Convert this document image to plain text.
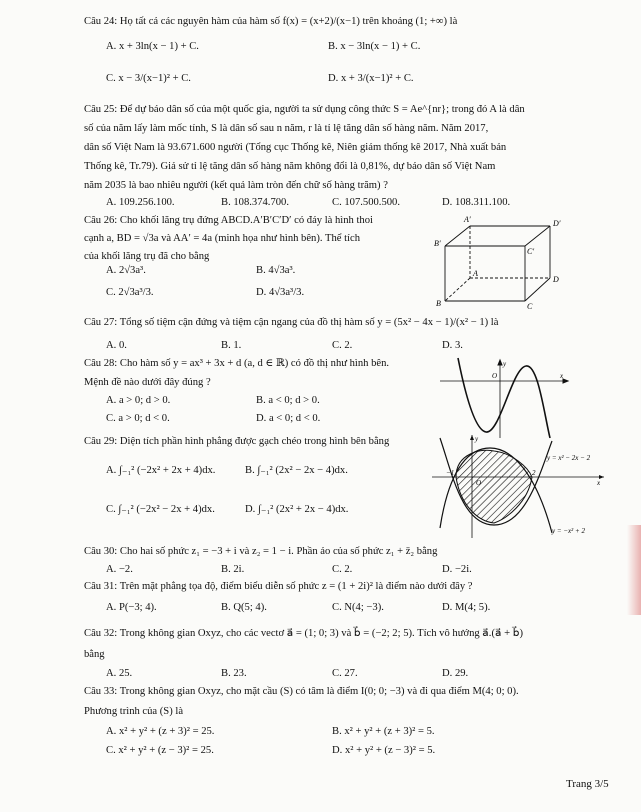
Câu 24: Họ tất cả các nguyên hàm của hàm số f(x) = (x+2)/(x−1) trên khoảng (1; +∞) là
A. x + 3ln(x − 1) + C.	B. x − 3ln(x − 1) + C.
C. x − 3/(x−1)² + C.	D. x + 3/(x−1)² + C.
Câu 25: Để dự báo dân số của một quốc gia, người ta sử dụng công thức S = Ae^{nr}; trong đó A là dân
số của năm lấy làm mốc tính, S là dân số sau n năm, r là tỉ lệ tăng dân số hàng năm. Năm 2017,
dân số Việt Nam là 93.671.600 người (Tổng cục Thống kê, Niên giám thống kê 2017, Nhà xuất bản
Thống kê, Tr.79). Giả sử tỉ lệ tăng dân số hàng năm không đổi là 0,81%, dự báo dân số Việt Nam
năm 2035 là bao nhiêu người (kết quả làm tròn đến chữ số hàng trăm) ?
A. 109.256.100.	B. 108.374.700.	C. 107.500.500.	D. 108.311.100.
Câu 26: Cho khối lăng trụ đứng ABCD.A′B′C′D′ có đáy là hình thoi
cạnh a, BD = √3a và AA′ = 4a (minh họa như hình bên). Thể tích
của khối lăng trụ đã cho bằng
A. 2√3a³.	B. 4√3a³.
C. 2√3a³/3.	D. 4√3a³/3.
A′
B′
C′
D′
A
B	C
D
Câu 27: Tổng số tiệm cận đứng và tiệm cận ngang của đồ thị hàm số y = (5x² − 4x − 1)/(x² − 1) là
A. 0.	B. 1.	C. 2.	D. 3.
Câu 28: Cho hàm số y = ax³ + 3x + d (a, d ∈ ℝ) có đồ thị như hình bên.
Mệnh đề nào dưới đây đúng ?
A. a > 0; d > 0.	B. a < 0; d > 0.
C. a > 0; d < 0.	D. a < 0; d < 0.
y
O	x
Câu 29: Diện tích phần hình phẳng được gạch chéo trong hình bên bằng
A. ∫₋₁² (−2x² + 2x + 4)dx.	B. ∫₋₁² (2x² − 2x − 4)dx.
C. ∫₋₁² (−2x² − 2x + 4)dx.	D. ∫₋₁² (2x² + 2x − 4)dx.
y
y = x² − 2x − 2
−1
O
2
x
y = −x² + 2
Câu 30: Cho hai số phức z₁ = −3 + i và z₂ = 1 − i. Phần ảo của số phức z₁ + z̄₂ bằng
A. −2.	B. 2i.	C. 2.	D. −2i.
Câu 31: Trên mặt phẳng tọa độ, điểm biểu diễn số phức z = (1 + 2i)² là điểm nào dưới đây ?
A. P(−3; 4).	B. Q(5; 4).	C. N(4; −3).	D. M(4; 5).
Câu 32: Trong không gian Oxyz, cho các vectơ a⃗ = (1; 0; 3) và b⃗ = (−2; 2; 5). Tích vô hướng a⃗.(a⃗ + b⃗)
bằng
A. 25.	B. 23.	C. 27.	D. 29.
Câu 33: Trong không gian Oxyz, cho mặt cầu (S) có tâm là điểm I(0; 0; −3) và đi qua điểm M(4; 0; 0).
Phương trình của (S) là
A. x² + y² + (z + 3)² = 25.	B. x² + y² + (z + 3)² = 5.
C. x² + y² + (z − 3)² = 25.	D. x² + y² + (z − 3)² = 5.
Trang 3/5
